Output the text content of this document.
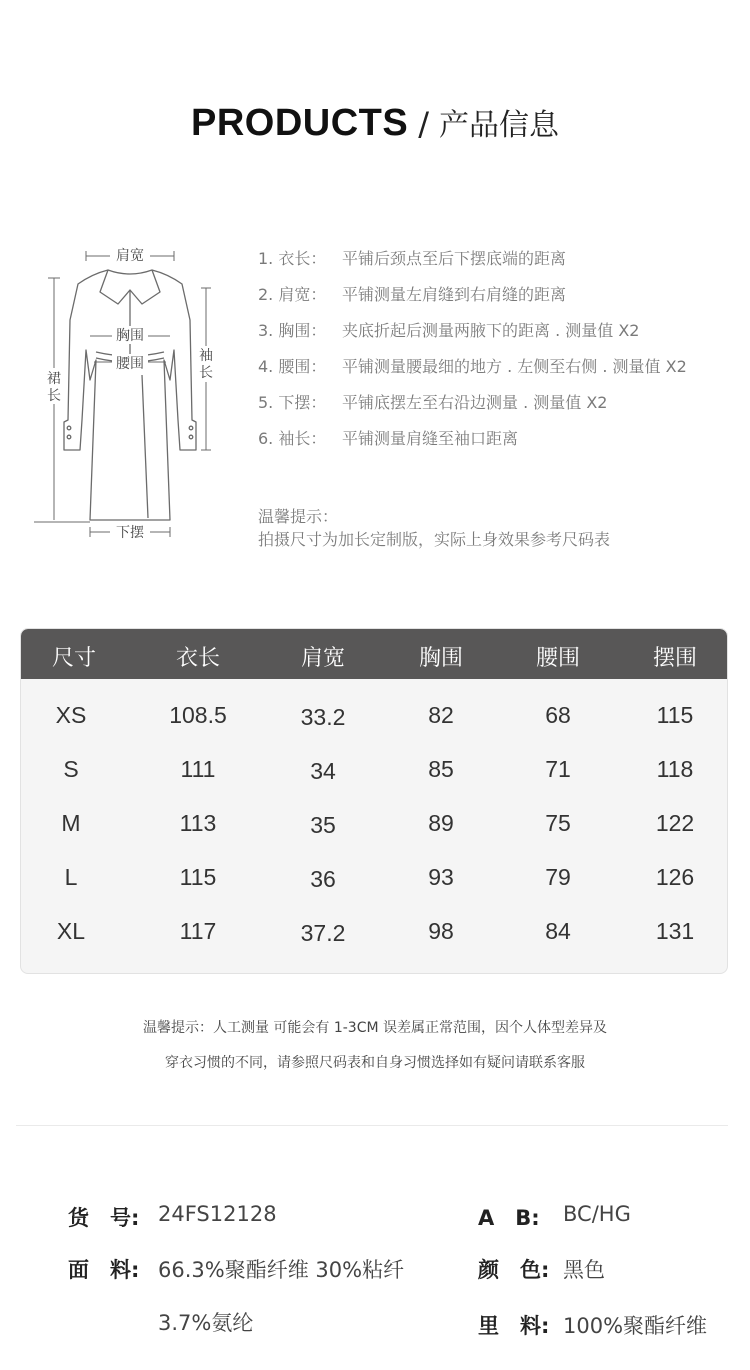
PRODUCTS / 产品信息
肩宽
胸围
腰围
裙
长
袖
长
下摆
1. 衣长： 平铺后颈点至后下摆底端的距离
2. 肩宽： 平铺测量左肩缝到右肩缝的距离
3. 胸围： 夹底折起后测量两腋下的距离 . 测量值 X2
4. 腰围： 平铺测量腰最细的地方 . 左侧至右侧 . 测量值 X2
5. 下摆： 平铺底摆左至右沿边测量 . 测量值 X2
6. 袖长： 平铺测量肩缝至袖口距离
温馨提示：
拍摄尺寸为加长定制版，实际上身效果参考尺码表
尺寸	衣长	肩宽	胸围	腰围	摆围
XS	108.5	33.2	82	68	115
S	111	34	85	71	118
M	113	35	89	75	122
L	115	36	93	79	126
XL	117	37.2	98	84	131
温馨提示：人工测量 可能会有 1-3CM 误差属正常范围，因个人体型差异及
穿衣习惯的不同，请参照尺码表和自身习惯选择如有疑问请联系客服
货　号: 24FS12128
面　料: 66.3%聚酯纤维 30%粘纤
3.7%氨纶
A　B: BC/HG
颜　色: 黑色
里　料: 100%聚酯纤维
